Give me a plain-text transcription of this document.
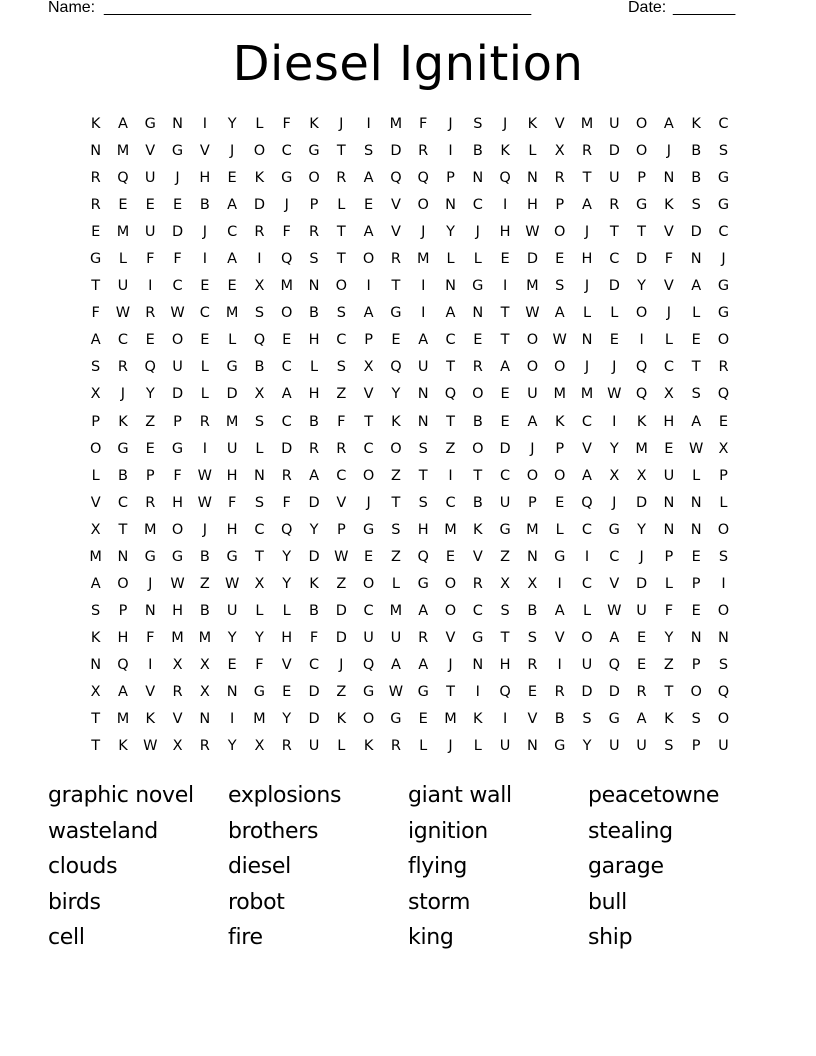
Name: ________________________________________________	Date: _______
Diesel Ignition
K	A	G	N	I	Y	L	F	K	J	I	M	F	J	S	J	K	V	M	U	O	A	K	C
N	M	V	G	V	J	O	C	G	T	S	D	R	I	B	K	L	X	R	D	O	J	B	S
R	Q	U	J	H	E	K	G	O	R	A	Q	Q	P	N	Q	N	R	T	U	P	N	B	G
R	E	E	E	B	A	D	J	P	L	E	V	O	N	C	I	H	P	A	R	G	K	S	G
E	M	U	D	J	C	R	F	R	T	A	V	J	Y	J	H	W O	J	T	T	V	D	C
G	L	F	F	I	A	I	Q	S	T	O	R	M	L	L	E	D	E	H	C	D	F	N	J
T	U	I	C	E	E	X	M	N	O	I	T	I	N	G	I	M	S	J	D	Y	V	A	G
F	W	R	W	C	M	S	O	B	S	A	G	I	A	N	T	W	A	L	L	O	J	L	G
A	C	E	O	E	L	Q	E	H	C	P	E	A	C	E	T	O W	N	E	I	L	E	O
S	R	Q	U	L	G	B	C	L	S	X	Q	U	T	R	A	O	O	J	J	Q	C	T	R
X	J	Y	D	L	D	X	A	H	Z	V	Y	N	Q	O	E	U	M	M W Q	X	S	Q
P	K	Z	P	R	M	S	C	B	F	T	K	N	T	B	E	A	K	C	I	K	H	A	E
O	G	E	G	I	U	L	D	R	R	C	O	S	Z	O	D	J	P	V	Y	M	E	W	X
L	B	P	F	W	H	N	R	A	C	O	Z	T	I	T	C	O	O	A	X	X	U	L	P
V	C	R	H	W	F	S	F	D	V	J	T	S	C	B	U	P	E	Q	J	D	N	N	L
X	T	M	O	J	H	C	Q	Y	P	G	S	H	M	K	G	M	L	C	G	Y	N	N	O
M	N	G	G	B	G	T	Y	D	W	E	Z	Q	E	V	Z	N	G	I	C	J	P	E	S
A	O	J	W	Z	W	X	Y	K	Z	O	L	G	O	R	X	X	I	C	V	D	L	P	I
S	P	N	H	B	U	L	L	B	D	C	M	A	O	C	S	B	A	L	W	U	F	E	O
K	H	F	M	M	Y	Y	H	F	D	U	U	R	V	G	T	S	V	O	A	E	Y	N	N
N	Q	I	X	X	E	F	V	C	J	Q	A	A	J	N	H	R	I	U	Q	E	Z	P	S
X	A	V	R	X	N	G	E	D	Z	G	W	G	T	I	Q	E	R	D	D	R	T	O	Q
T	M	K	V	N	I	M	Y	D	K	O	G	E	M	K	I	V	B	S	G	A	K	S	O
T	K	W	X	R	Y	X	R	U	L	K	R	L	J	L	U	N	G	Y	U	U	S	P	U
graphic novel	explosions	giant wall	peacetowne
wasteland	brothers	ignition	stealing
clouds	diesel	flying	garage
birds	robot	storm	bull
cell	fire	king	ship
